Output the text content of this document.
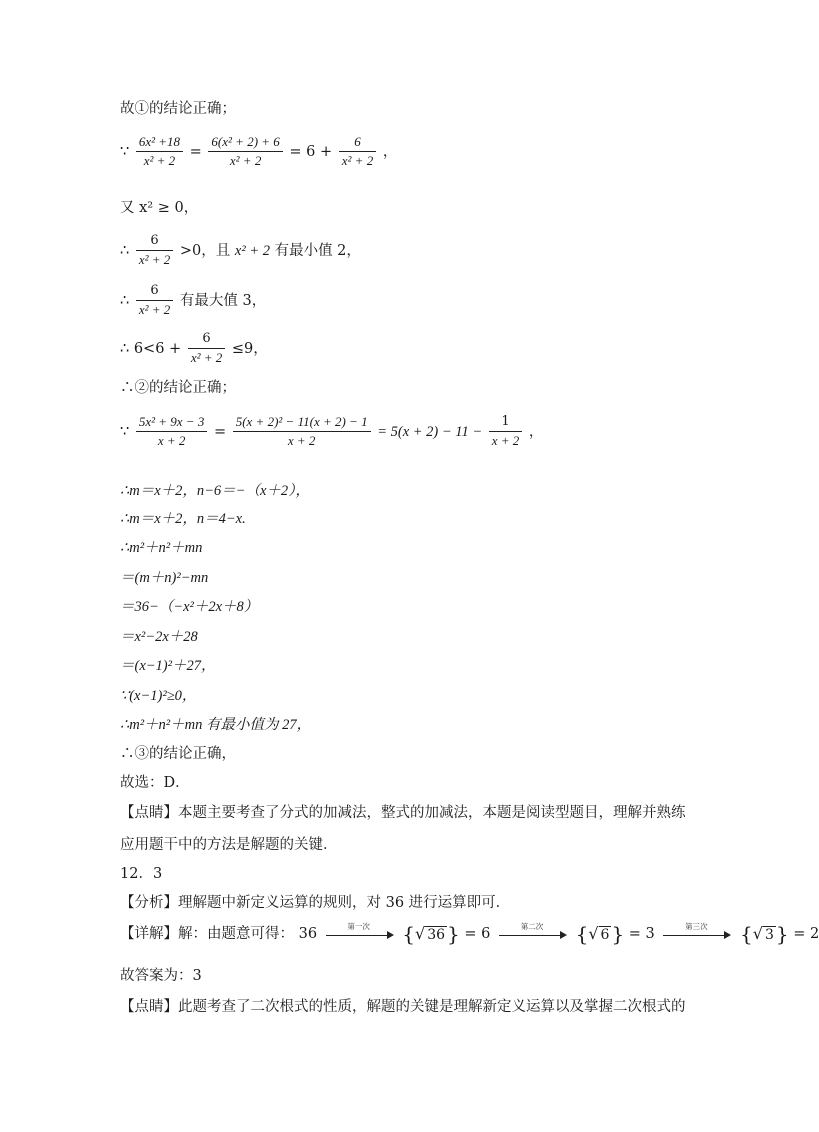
故①的结论正确；
∵ $\frac{\text{6x² +18}}{\text{x² + 2}} = \frac{\text{6(x² + 2) + 6}}{\text{x² + 2}} = 6 + \frac{6}{\text{x² + 2}}$ ，
又 x² ≥ 0，
∴ $\frac{6}{\text{x² + 2}} >0$，且 x² + 2 有最小值 2，
∴ $\frac{6}{\text{x² + 2}}$ 有最大值 3，
∴ $6<6 + \frac{6}{\text{x² + 2}} \le 9$，
∴②的结论正确；
∵ $\frac{\text{5x² + 9x − 3}}{x + 2} = \frac{\text{5(x + 2)² − 11(x + 2) − 1}}{x + 2} = 5(x + 2) - 11 - \frac{1}{x + 2}$ ，
∴m＝x＋2，n−6＝−（x＋2），
∴m＝x＋2，n＝4−x.
∴m²＋n²＋mn
＝(m＋n)²−mn
＝36−（−x²＋2x＋8）
＝x²−2x＋28
＝(x−1)²＋27，
∵(x−1)²≥0，
∴m²＋n²＋mn 有最小值为 27，
∴③的结论正确，
故选：D．
【点睛】本题主要考查了分式的加减法，整式的加减法，本题是阅读型题目，理解并熟练
应用题干中的方法是解题的关键．
12．3
【分析】理解题中新定义运算的规则，对 36 进行运算即可．
【详解】解：由题意可得： 36	第一次	{√ 36 } = 6	第二次	{√ 6 } = 3	第三次	{√ 3 } = 2
故答案为：3
【点睛】此题考查了二次根式的性质，解题的关键是理解新定义运算以及掌握二次根式的
